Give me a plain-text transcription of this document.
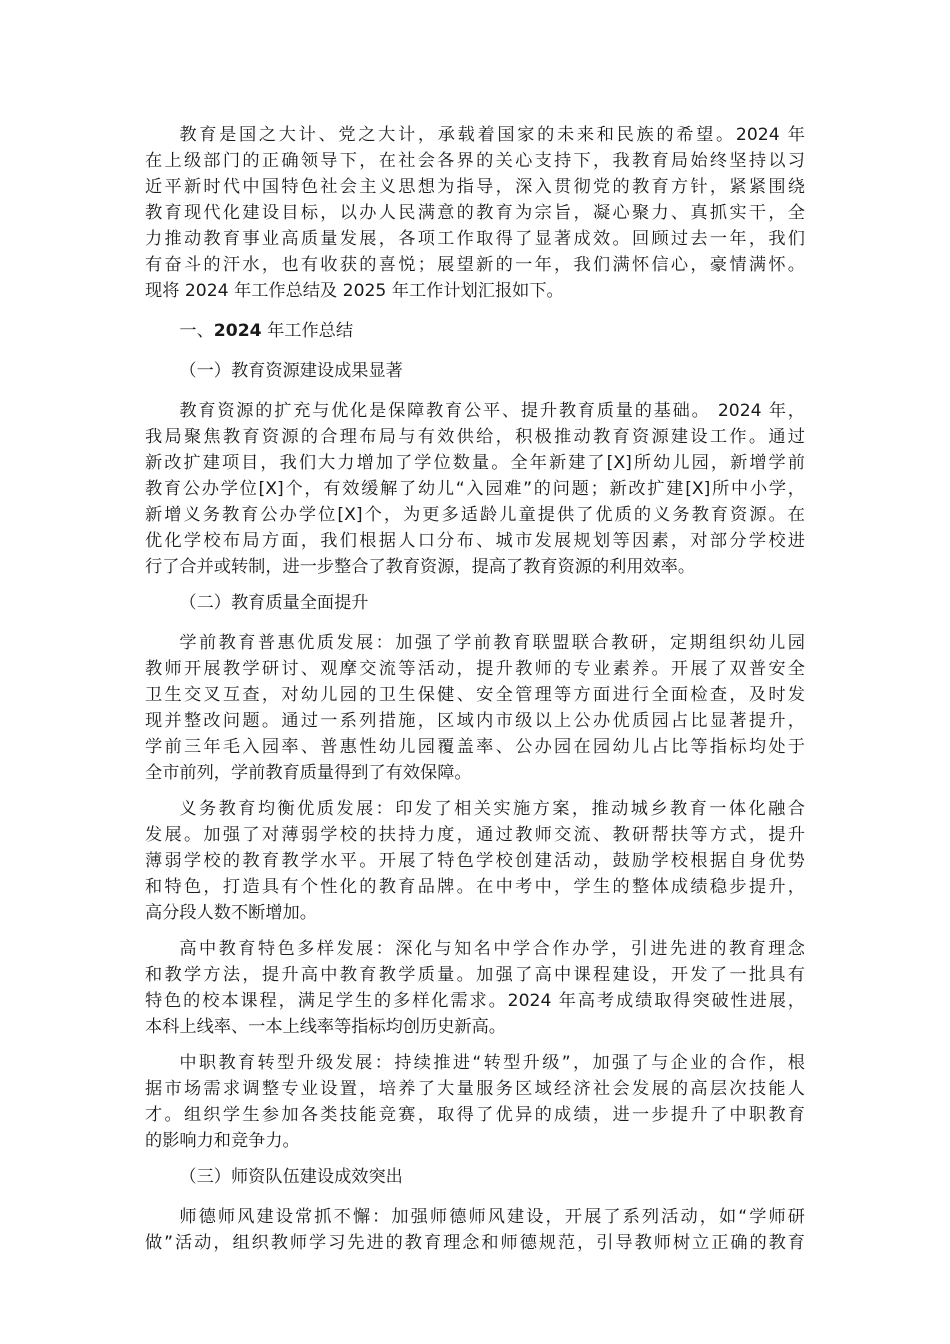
教育是国之大计、党之大计，承载着国家的未来和民族的希望。2024 年
在上级部门的正确领导下，在社会各界的关心支持下，我教育局始终坚持以习
近平新时代中国特色社会主义思想为指导，深入贯彻党的教育方针，紧紧围绕
教育现代化建设目标，以办人民满意的教育为宗旨，凝心聚力、真抓实干，全
力推动教育事业高质量发展，各项工作取得了显著成效。回顾过去一年，我们
有奋斗的汗水，也有收获的喜悦；展望新的一年，我们满怀信心，豪情满怀。
现将 2024 年工作总结及 2025 年工作计划汇报如下。

一、2024 年工作总结

（一）教育资源建设成果显著

教育资源的扩充与优化是保障教育公平、提升教育质量的基础。 2024 年，
我局聚焦教育资源的合理布局与有效供给，积极推动教育资源建设工作。通过
新改扩建项目，我们大力增加了学位数量。全年新建了[X]所幼儿园，新增学前
教育公办学位[X]个，有效缓解了幼儿“入园难”的问题；新改扩建[X]所中小学，
新增义务教育公办学位[X]个，为更多适龄儿童提供了优质的义务教育资源。在
优化学校布局方面，我们根据人口分布、城市发展规划等因素，对部分学校进
行了合并或转制，进一步整合了教育资源，提高了教育资源的利用效率。

（二）教育质量全面提升

学前教育普惠优质发展：加强了学前教育联盟联合教研，定期组织幼儿园
教师开展教学研讨、观摩交流等活动，提升教师的专业素养。开展了双普安全
卫生交叉互查，对幼儿园的卫生保健、安全管理等方面进行全面检查，及时发
现并整改问题。通过一系列措施，区域内市级以上公办优质园占比显著提升，
学前三年毛入园率、普惠性幼儿园覆盖率、公办园在园幼儿占比等指标均处于
全市前列，学前教育质量得到了有效保障。

义务教育均衡优质发展：印发了相关实施方案，推动城乡教育一体化融合
发展。加强了对薄弱学校的扶持力度，通过教师交流、教研帮扶等方式，提升
薄弱学校的教育教学水平。开展了特色学校创建活动，鼓励学校根据自身优势
和特色，打造具有个性化的教育品牌。在中考中，学生的整体成绩稳步提升，
高分段人数不断增加。

高中教育特色多样发展：深化与知名中学合作办学，引进先进的教育理念
和教学方法，提升高中教育教学质量。加强了高中课程建设，开发了一批具有
特色的校本课程，满足学生的多样化需求。2024 年高考成绩取得突破性进展，
本科上线率、一本上线率等指标均创历史新高。

中职教育转型升级发展：持续推进“转型升级”，加强了与企业的合作，根
据市场需求调整专业设置，培养了大量服务区域经济社会发展的高层次技能人
才。组织学生参加各类技能竞赛，取得了优异的成绩，进一步提升了中职教育
的影响力和竞争力。

（三）师资队伍建设成效突出

师德师风建设常抓不懈：加强师德师风建设，开展了系列活动，如“学师研
做”活动，组织教师学习先进的教育理念和师德规范，引导教师树立正确的教育
